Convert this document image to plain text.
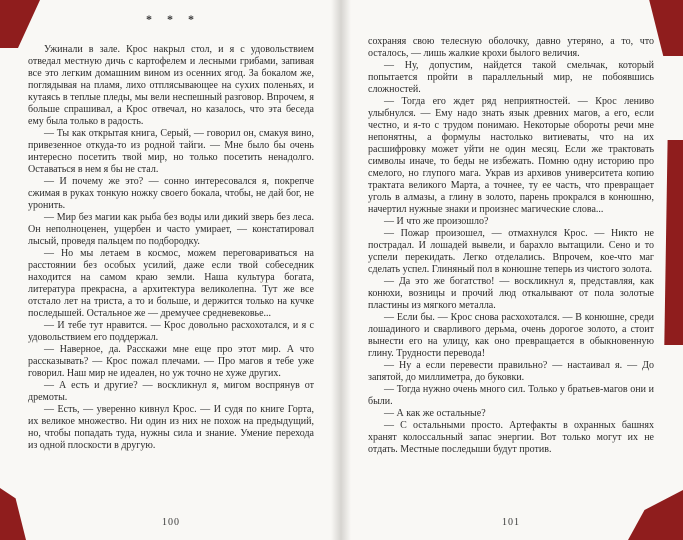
* * *

Ужинали в зале. Крос накрыл стол, и я с удовольствием отведал местную дичь с картофелем и лесными грибами, запивая все это легким домашним вином из осенних ягод. За бокалом же, поглядывая на пламя, лихо отплясывающее на сухих поленьях, и кутаясь в теплые пледы, мы вели неспешный разговор. Впрочем, я больше спрашивал, а Крос отвечал, но казалось, что эта беседа ему была только в радость.

— Ты как открытая книга, Серый, — говорил он, смакуя вино, привезенное откуда-то из родной тайги. — Мне было бы очень интересно посетить твой мир, но только посетить ненадолго. Оставаться в нем я бы не стал.

— И почему же это? — сонно интересовался я, покрепче сжимая в руках тонкую ножку своего бокала, чтобы, не дай бог, не уронить.

— Мир без магии как рыба без воды или дикий зверь без леса. Он неполноценен, ущербен и часто умирает, — констатировал лысый, проведя пальцем по подбородку.

— Но мы летаем в космос, можем переговариваться на расстоянии без особых усилий, даже если твой собеседник находится на самом краю земли. Наша культура богата, литература прекрасна, а архитектура великолепна. Тут же все отстало лет на триста, а то и больше, и держится только на кучке последышей. Остальное же — дремучее средневековье...

— И тебе тут нравится. — Крос довольно расхохотался, и я с удовольствием его поддержал.

— Наверное, да. Расскажи мне еще про этот мир. А что рассказывать? — Крос пожал плечами. — Про магов я тебе уже говорил. Наш мир не идеален, но уж точно не хуже других.

— А есть и другие? — воскликнул я, мигом воспрянув от дремоты.

— Есть, — уверенно кивнул Крос. — И судя по книге Горта, их великое множество. Ни один из них не похож на предыдущий, но, чтобы попадать туда, нужны сила и знание. Умение перехода из одной плоскости в другую.

100

сохраняя свою телесную оболочку, давно утеряно, а то, что осталось, — лишь жалкие крохи былого величия.

— Ну, допустим, найдется такой смельчак, который попытается пройти в параллельный мир, не побоявшись сложностей.

— Тогда его ждет ряд неприятностей. — Крос лениво улыбнулся. — Ему надо знать язык древних магов, а его, если честно, и я-то с трудом понимаю. Некоторые обороты речи мне непонятны, а формулы настолько витиеваты, что на их расшифровку может уйти не один месяц. Если же трактовать символы иначе, то беды не избежать. Помню одну историю про смелого, но глупого мага. Украв из архивов университета копию трактата великого Марта, а точнее, ту ее часть, что превращает уголь в алмазы, а глину в золото, парень прокрался в конюшню, начертил нужные знаки и произнес магические слова...

— И что же произошло?

— Пожар произошел, — отмахнулся Крос. — Никто не пострадал. И лошадей вывели, и барахло вытащили. Сено и то успели перекидать. Легко отделались. Впрочем, кое-что маг сделать успел. Глиняный пол в конюшне теперь из чистого золота.

— Да это же богатство! — воскликнул я, представляя, как конюхи, возницы и прочий люд откалывают от пола золотые пластины из мягкого металла.

— Если бы. — Крос снова расхохотался. — В конюшне, среди лошадиного и сварливого дерьма, очень дорогое золото, а стоит вынести его на улицу, как оно превращается в обыкновенную глину. Трудности перевода!

— Ну а если перевести правильно? — настаивал я. — До запятой, до миллиметра, до буковки.

— Тогда нужно очень много сил. Только у братьев-магов они и были.

— А как же остальные?

— С остальными просто. Артефакты в охранных башнях хранят колоссальный запас энергии. Вот только могут их не отдать. Местные последыши будут против.

101
